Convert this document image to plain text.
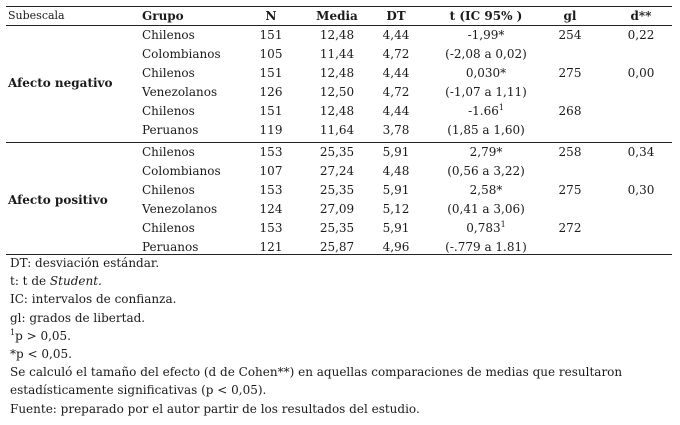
Subescala	Grupo	N	Media	DT	t (IC 95% )	gl	d**
Afecto negativo
Chilenos	151	12,48	4,44	-1,99*	254	0,22
Colombianos	105	11,44	4,72	(-2,08 a 0,02)
Chilenos	151	12,48	4,44	0,030*	275	0,00
Venezolanos	126	12,50	4,72	(-1,07 a 1,11)
Chilenos	151	12,48	4,44	-1.66$^1$	268
Peruanos	119	11,64	3,78	(1,85 a 1,60)
Afecto positivo
Chilenos	153	25,35	5,91	2,79*	258	0,34
Colombianos	107	27,24	4,48	(0,56 a 3,22)
Chilenos	153	25,35	5,91	2,58*	275	0,30
Venezolanos	124	27,09	5,12	(0,41 a 3,06)
Chilenos	153	25,35	5,91	0,783$^1$	272
Peruanos	121	25,87	4,96	(-.779 a 1.81)
DT: desviación estándar.
t: t de Student.
IC: intervalos de confianza.
gl: grados de libertad.
$^1$p > 0,05.
*p < 0,05.
Se calculó el tamaño del efecto (d de Cohen**) en aquellas comparaciones de medias que resultaron estadísticamente significativas (p < 0,05).
Fuente: preparado por el autor partir de los resultados del estudio.
